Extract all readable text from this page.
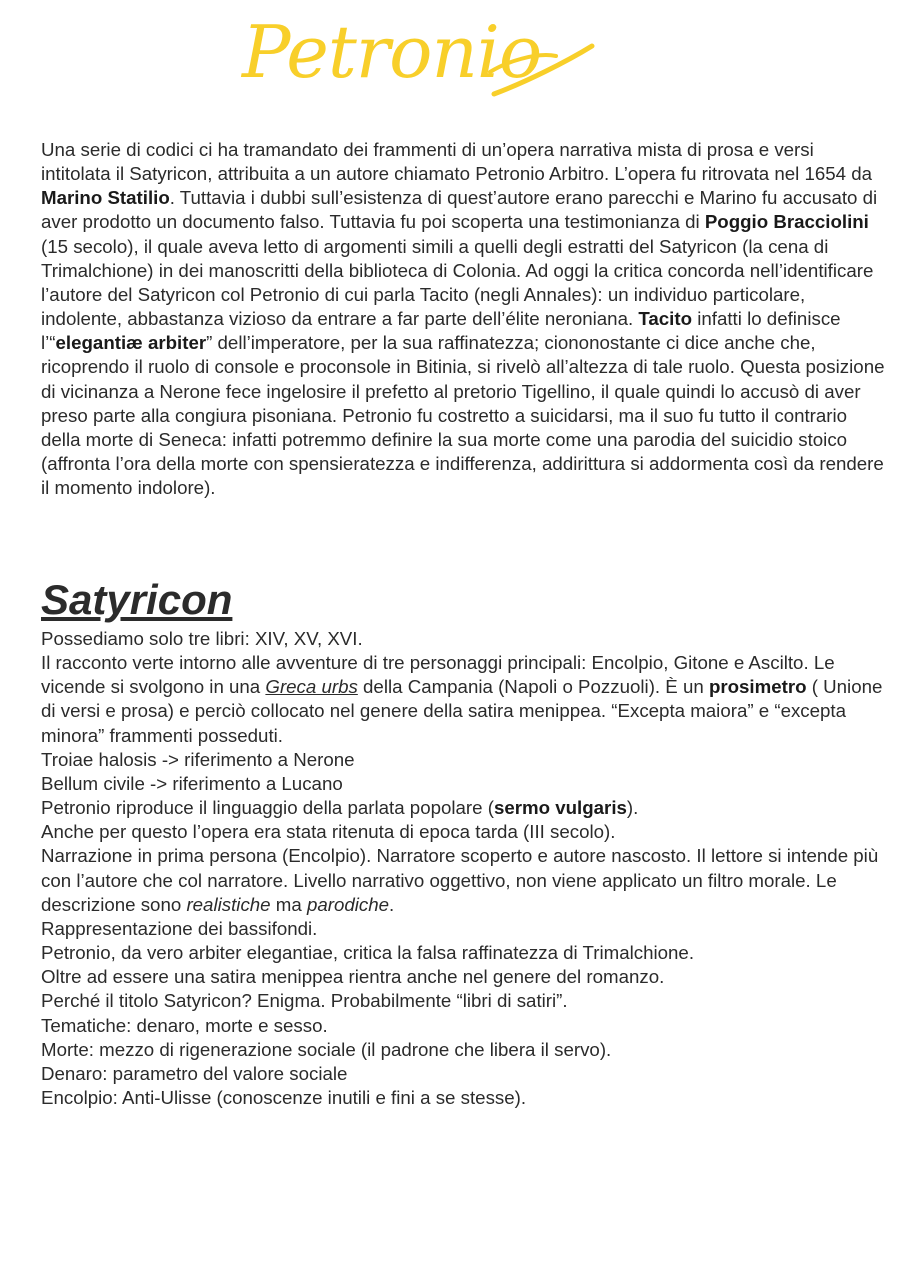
Petronio

Una serie di codici ci ha tramandato dei frammenti di un’opera narrativa mista di prosa e versi intitolata il Satyricon, attribuita a un autore chiamato Petronio Arbitro. L’opera fu ritrovata nel 1654 da Marino Statilio. Tuttavia i dubbi sull’esistenza di quest’autore erano parecchi e Marino fu accusato di aver prodotto un documento falso. Tuttavia fu poi scoperta una testimonianza di Poggio Bracciolini (15 secolo), il quale aveva letto di argomenti simili a quelli degli estratti del Satyricon (la cena di Trimalchione) in dei manoscritti della biblioteca di Colonia. Ad oggi la critica concorda nell’identificare l’autore del Satyricon col Petronio di cui parla Tacito (negli Annales): un individuo particolare, indolente, abbastanza vizioso da entrare a far parte dell’élite neroniana. Tacito infatti lo definisce l’“elegantiæ arbiter” dell’imperatore, per la sua raffinatezza; ciononostante ci dice anche che, ricoprendo il ruolo di console e proconsole in Bitinia, si rivelò all’altezza di tale ruolo. Questa posizione di vicinanza a Nerone fece ingelosire il prefetto al pretorio Tigellino, il quale quindi lo accusò di aver preso parte alla congiura pisoniana. Petronio fu costretto a suicidarsi, ma il suo fu tutto il contrario della morte di Seneca: infatti potremmo definire la sua morte come una parodia del suicidio stoico (affronta l’ora della morte con spensieratezza e indifferenza, addirittura si addormenta così da rendere il momento indolore).

Satyricon
Possediamo solo tre libri: XIV, XV, XVI.
Il racconto verte intorno alle avventure di tre personaggi principali: Encolpio, Gitone e Ascilto. Le vicende si svolgono in una Greca urbs della Campania (Napoli o Pozzuoli). È un prosimetro ( Unione di versi e prosa) e perciò collocato nel genere della satira menippea. “Excepta maiora” e “excepta minora” frammenti posseduti.
Troiae halosis -> riferimento a Nerone
Bellum civile -> riferimento a Lucano
Petronio riproduce il linguaggio della parlata popolare (sermo vulgaris).
Anche per questo l’opera era stata ritenuta di epoca tarda (III secolo).
Narrazione in prima persona (Encolpio). Narratore scoperto e autore nascosto. Il lettore si intende più con l’autore che col narratore. Livello narrativo oggettivo, non viene applicato un filtro morale. Le descrizione sono realistiche ma parodiche.
Rappresentazione dei bassifondi.
Petronio, da vero arbiter elegantiae, critica la falsa raffinatezza di Trimalchione.
Oltre ad essere una satira menippea rientra anche nel genere del romanzo.
Perché il titolo Satyricon? Enigma. Probabilmente “libri di satiri”.
Tematiche: denaro, morte e sesso.
Morte: mezzo di rigenerazione sociale (il padrone che libera il servo).
Denaro: parametro del valore sociale
Encolpio: Anti-Ulisse (conoscenze inutili e fini a se stesse).
